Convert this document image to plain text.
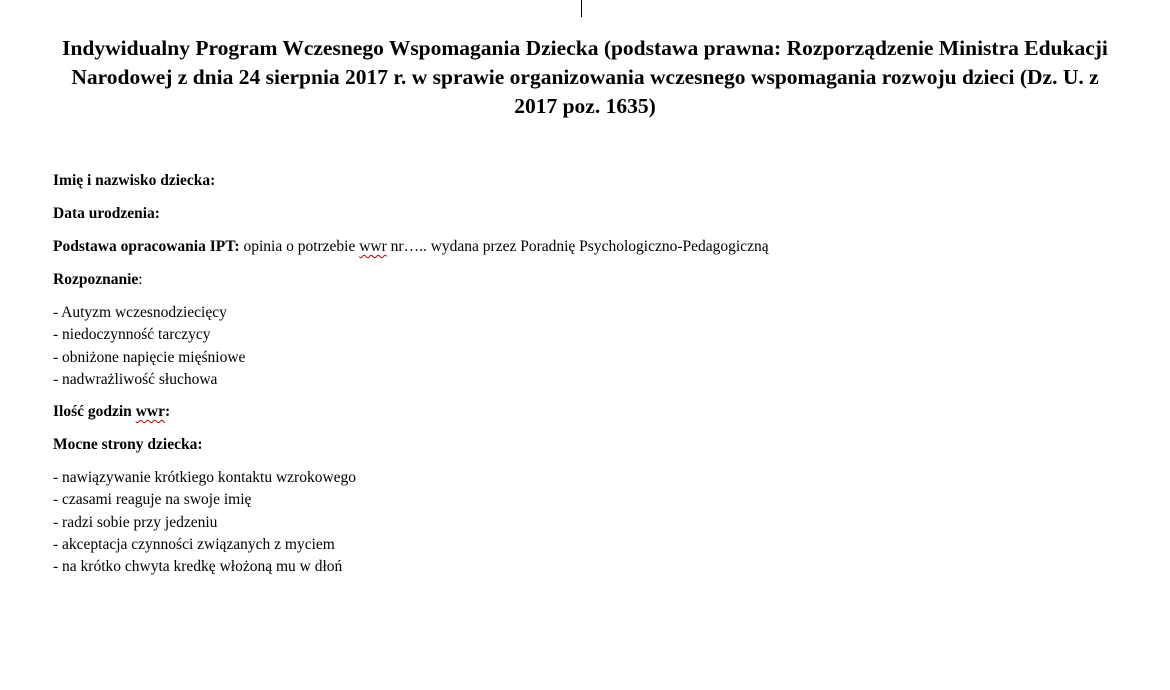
Indywidualny Program Wczesnego Wspomagania Dziecka (podstawa prawna: Rozporządzenie Ministra Edukacji Narodowej z dnia 24 sierpnia 2017 r. w sprawie organizowania wczesnego wspomagania rozwoju dzieci (Dz. U. z 2017 poz. 1635)

Imię i nazwisko dziecka:

Data urodzenia:

Podstawa opracowania IPT: opinia o potrzebie wwr nr….. wydana przez Poradnię Psychologiczno-Pedagogiczną

Rozpoznanie:

- Autyzm wczesnodziecięcy
- niedoczynność tarczycy
- obniżone napięcie mięśniowe
- nadwrażliwość słuchowa

Ilość godzin wwr:

Mocne strony dziecka:

- nawiązywanie krótkiego kontaktu wzrokowego
- czasami reaguje na swoje imię
- radzi sobie przy jedzeniu
- akceptacja czynności związanych z myciem
- na krótko chwyta kredkę włożoną mu w dłoń
